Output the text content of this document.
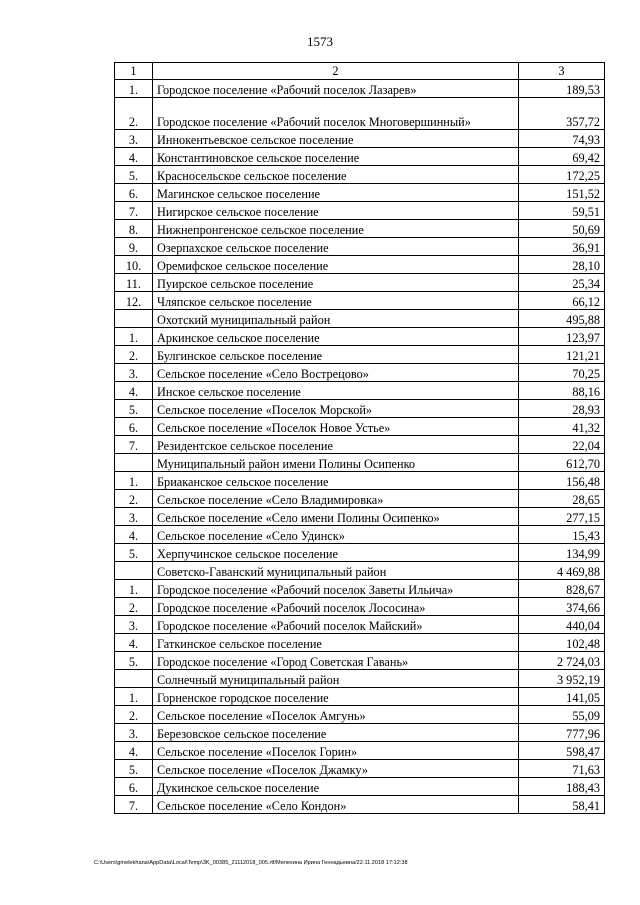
1573
1	2	3
1.	Городское поселение «Рабочий поселок Лазарев»	189,53
2.	Городское поселение «Рабочий поселок Многовершинный»	357,72
3.	Иннокентьевское сельское поселение	74,93
4.	Константиновское сельское поселение	69,42
5.	Красносельское сельское поселение	172,25
6.	Магинское сельское поселение	151,52
7.	Нигирское сельское поселение	59,51
8.	Нижнепронгенское сельское поселение	50,69
9.	Озерпахское сельское поселение	36,91
10.	Оремифское сельское поселение	28,10
11.	Пуирское сельское поселение	25,34
12.	Чляпское сельское поселение	66,12
	Охотский муниципальный район	495,88
1.	Аркинское сельское поселение	123,97
2.	Булгинское сельское поселение	121,21
3.	Сельское поселение «Село Вострецово»	70,25
4.	Инское сельское поселение	88,16
5.	Сельское поселение «Поселок Морской»	28,93
6.	Сельское поселение «Поселок Новое Устье»	41,32
7.	Резидентское сельское поселение	22,04
	Муниципальный район имени Полины Осипенко	612,70
1.	Бриаканское сельское поселение	156,48
2.	Сельское поселение «Село Владимировка»	28,65
3.	Сельское поселение «Село имени Полины Осипенко»	277,15
4.	Сельское поселение «Село Удинск»	15,43
5.	Херпучинское сельское поселение	134,99
	Советско-Гаванский муниципальный район	4 469,88
1.	Городское поселение «Рабочий поселок Заветы Ильича»	828,67
2.	Городское поселение «Рабочий поселок Лососина»	374,66
3.	Городское поселение «Рабочий поселок Майский»	440,04
4.	Гаткинское сельское поселение	102,48
5.	Городское поселение «Город Советская Гавань»	2 724,03
	Солнечный муниципальный район	3 952,19
1.	Горненское городское поселение	141,05
2.	Сельское поселение «Поселок Амгунь»	55,09
3.	Березовское сельское поселение	777,96
4.	Сельское поселение «Поселок Горин»	598,47
5.	Сельское поселение «Поселок Джамку»	71,63
6.	Дукинское сельское поселение	188,43
7.	Сельское поселение «Село Кондон»	58,41
C:\Users\gmelekhana\AppData\Local\Temp\3K_00385_21112018_005.rtf/Мелехина Ирина Геннадьевна/22.11.2018 17:12:38
